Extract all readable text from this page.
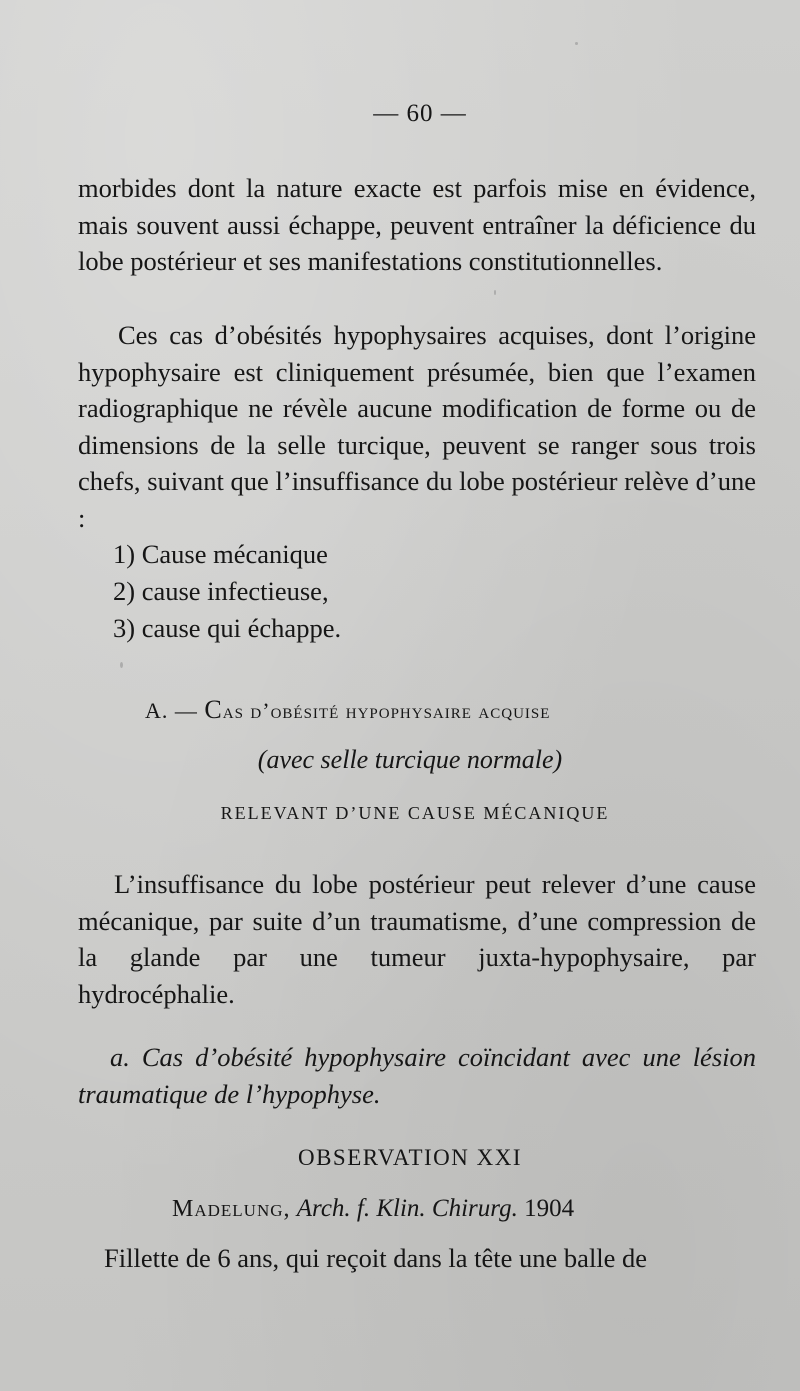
— 60 —
morbides dont la nature exacte est parfois mise en évidence, mais souvent aussi échappe, peuvent entraîner la déficience du lobe postérieur et ses manifestations constitutionnelles.
Ces cas d’obésités hypophysaires acquises, dont l’origine hypophysaire est cliniquement présumée, bien que l’examen radiographique ne révèle aucune modification de forme ou de dimensions de la selle turcique, peuvent se ranger sous trois chefs, suivant que l’insuffisance du lobe postérieur relève d’une :
1) Cause mécanique
2) cause infectieuse,
3) cause qui échappe.
A. — Cas d’obésité hypophysaire acquise
(avec selle turcique normale)
RELEVANT D’UNE CAUSE MÉCANIQUE
L’insuffisance du lobe postérieur peut relever d’une cause mécanique, par suite d’un traumatisme, d’une compression de la glande par une tumeur juxta-hypophysaire, par hydrocéphalie.
a. Cas d’obésité hypophysaire coïncidant avec une lésion traumatique de l’hypophyse.
OBSERVATION XXI
Madelung, Arch. f. Klin. Chirurg. 1904
Fillette de 6 ans, qui reçoit dans la tête une balle de
